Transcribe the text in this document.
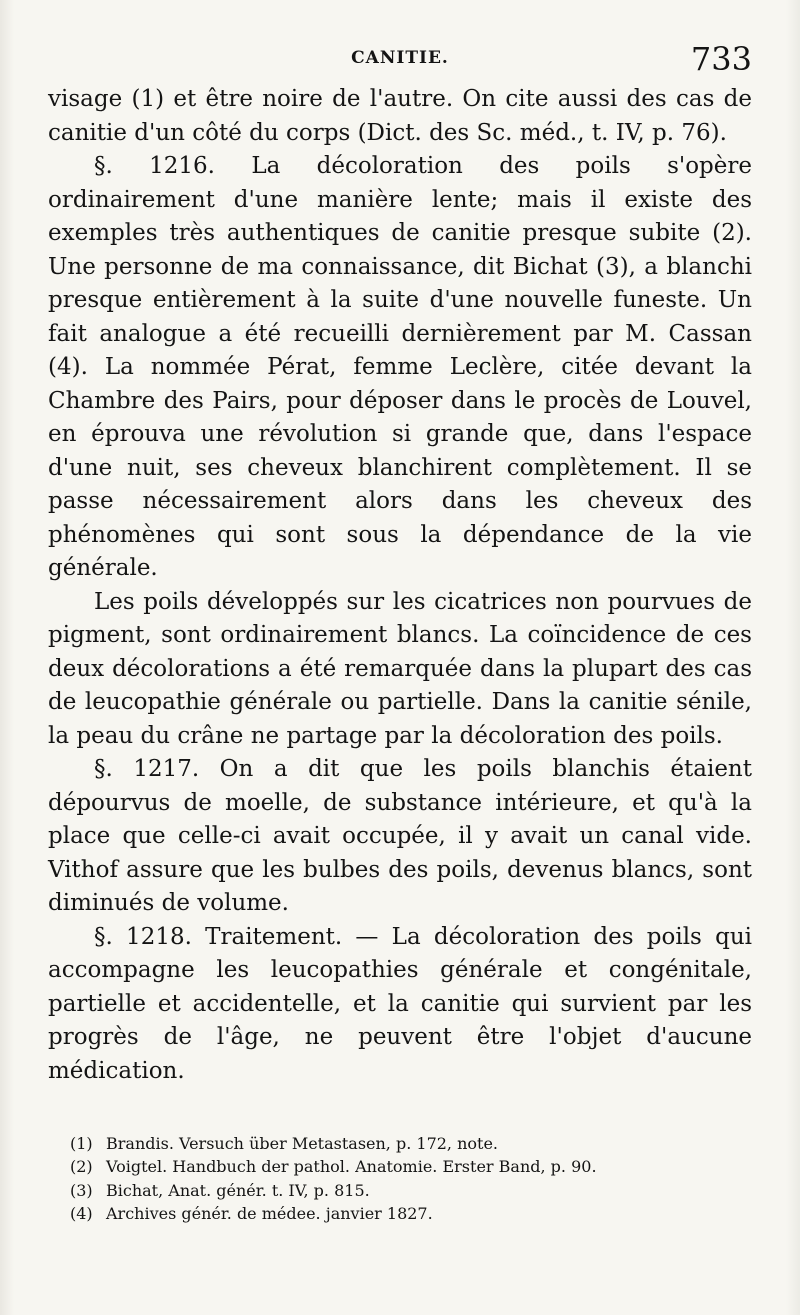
CANITIE.	733

visage (1) et être noire de l'autre. On cite aussi des cas de canitie d'un côté du corps (Dict. des Sc. méd., t. IV, p. 76).

§. 1216. La décoloration des poils s'opère ordinairement d'une manière lente; mais il existe des exemples très authentiques de canitie presque subite (2). Une personne de ma connaissance, dit Bichat (3), a blanchi presque entièrement à la suite d'une nouvelle funeste. Un fait analogue a été recueilli dernièrement par M. Cassan (4). La nommée Pérat, femme Leclère, citée devant la Chambre des Pairs, pour déposer dans le procès de Louvel, en éprouva une révolution si grande que, dans l'espace d'une nuit, ses cheveux blanchirent complètement. Il se passe nécessairement alors dans les cheveux des phénomènes qui sont sous la dépendance de la vie générale.

Les poils développés sur les cicatrices non pourvues de pigment, sont ordinairement blancs. La coïncidence de ces deux décolorations a été remarquée dans la plupart des cas de leucopathie générale ou partielle. Dans la canitie sénile, la peau du crâne ne partage par la décoloration des poils.

§. 1217. On a dit que les poils blanchis étaient dépourvus de moelle, de substance intérieure, et qu'à la place que celle-ci avait occupée, il y avait un canal vide. Vithof assure que les bulbes des poils, devenus blancs, sont diminués de volume.

§. 1218. Traitement. — La décoloration des poils qui accompagne les leucopathies générale et congénitale, partielle et accidentelle, et la canitie qui survient par les progrès de l'âge, ne peuvent être l'objet d'aucune médication.

(1) Brandis. Versuch über Metastasen, p. 172, note.
(2) Voigtel. Handbuch der pathol. Anatomie. Erster Band, p. 90.
(3) Bichat, Anat. génér. t. IV, p. 815.
(4) Archives génér. de médee. janvier 1827.
